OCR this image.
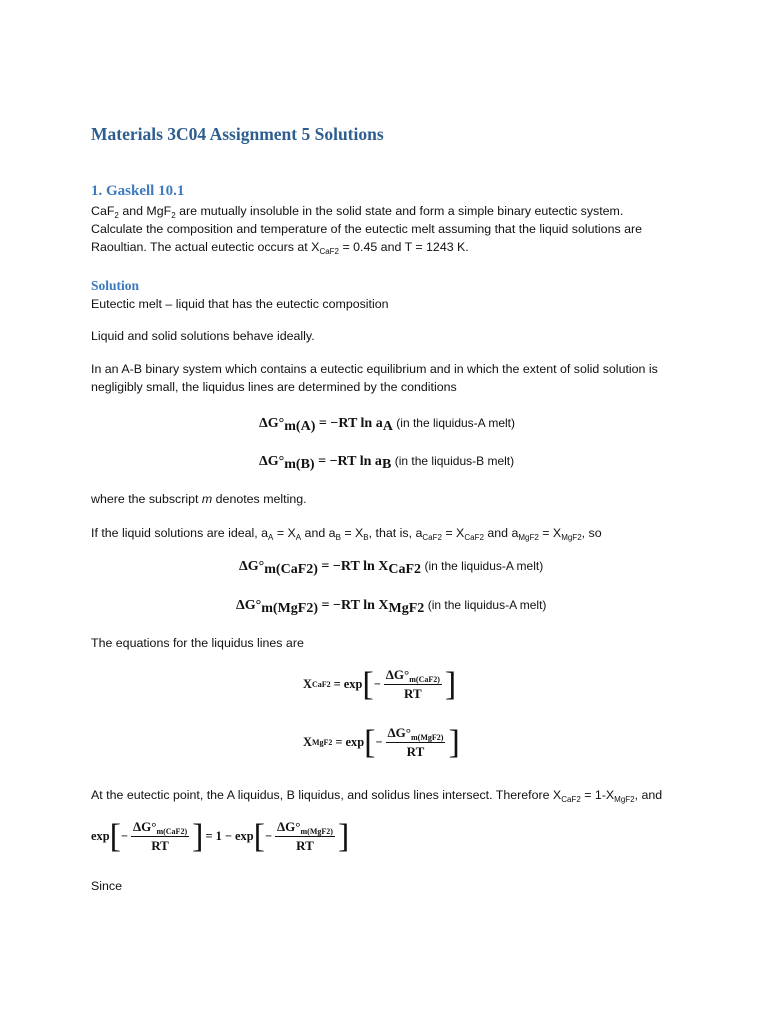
Materials 3C04 Assignment 5 Solutions
1. Gaskell 10.1
CaF$_2$ and MgF$_2$ are mutually insoluble in the solid state and form a simple binary eutectic system.
Calculate the composition and temperature of the eutectic melt assuming that the liquid solutions are
Raoultian. The actual eutectic occurs at $X_{CaF2} = 0.45$ and T = 1243 K.
Solution

Eutectic melt – liquid that has the eutectic composition

Liquid and solid solutions behave ideally.

In an A-B binary system which contains a eutectic equilibrium and in which the extent of solid solution is
negligibly small, the liquidus lines are determined by the conditions
$\Delta G^\circ_{m(A)} = -RT$ $\ln a_A$ (in the liquidus-A melt)
$\Delta G^\circ_{m(B)} = -RT$ $\ln a_B$ (in the liquidus-B melt)

where the subscript m denotes melting.

If the liquid solutions are ideal, $a_A = X_A$ and $a_B = X_B$, that is, $a_{CaF2} = X_{CaF2}$ and $a_{MgF2} = X_{MgF2}$, so

$\Delta G^\circ_{m(CaF2)} = -RT$ $\ln X_{CaF2}$ (in the liquidus-A melt)
$\Delta G^\circ_{m(MgF2)} = -RT$ $\ln X_{MgF2}$ (in the liquidus-A melt)

The equations for the liquidus lines are

X CaF2 = exp [ − $\frac{\Delta G^\circ_{m(CaF2)}}{RT}$ ]
X MgF2 = exp [ − $\frac{\Delta G^\circ_{m(MgF2)}}{RT}$ ]

At the eutectic point, the A liquidus, B liquidus, and solidus lines intersect. Therefore $X_{CaF2} = 1-X_{MgF2}$, and

exp [ − $\frac{\Delta G^\circ_{m(CaF2)}}{RT}$ ] = 1 − exp [ − $\frac{\Delta G^\circ_{m(MgF2)}}{RT}$ ]

Since
